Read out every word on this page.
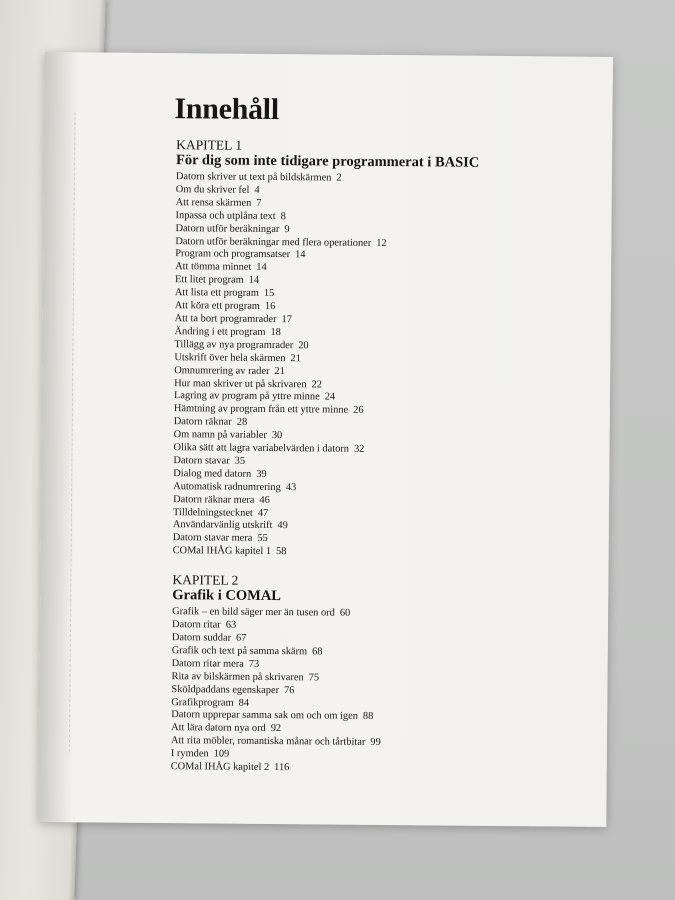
Innehåll
KAPITEL 1
För dig som inte tidigare programmerat i BASIC
Datorn skriver ut text på bildskärmen 2
Om du skriver fel 4
Att rensa skärmen 7
Inpassa och utplåna text 8
Datorn utför beräkningar 9
Datorn utför beräkningar med flera operationer 12
Program och programsatser 14
Att tömma minnet 14
Ett litet program 14
Att lista ett program 15
Att köra ett program 16
Att ta bort programrader 17
Ändring i ett program 18
Tillägg av nya programrader 20
Utskrift över hela skärmen 21
Omnumrering av rader 21
Hur man skriver ut på skrivaren 22
Lagring av program på yttre minne 24
Hämtning av program från ett yttre minne 26
Datorn räknar 28
Om namn på variabler 30
Olika sätt att lagra variabelvärden i datorn 32
Datorn stavar 35
Dialog med datorn 39
Automatisk radnumrering 43
Datorn räknar mera 46
Tilldelningstecknet 47
Användarvänlig utskrift 49
Datorn stavar mera 55
COMal IHÅG kapitel 1 58
KAPITEL 2
Grafik i COMAL
Grafik – en bild säger mer än tusen ord 60
Datorn ritar 63
Datorn suddar 67
Grafik och text på samma skärm 68
Datorn ritar mera 73
Rita av bilskärmen på skrivaren 75
Sköldpaddans egenskaper 76
Grafikprogram 84
Datorn upprepar samma sak om och om igen 88
Att lära datorn nya ord 92
Att rita möbler, romantiska månar och tårtbitar 99
I rymden 109
COMal IHÅG kapitel 2 116
